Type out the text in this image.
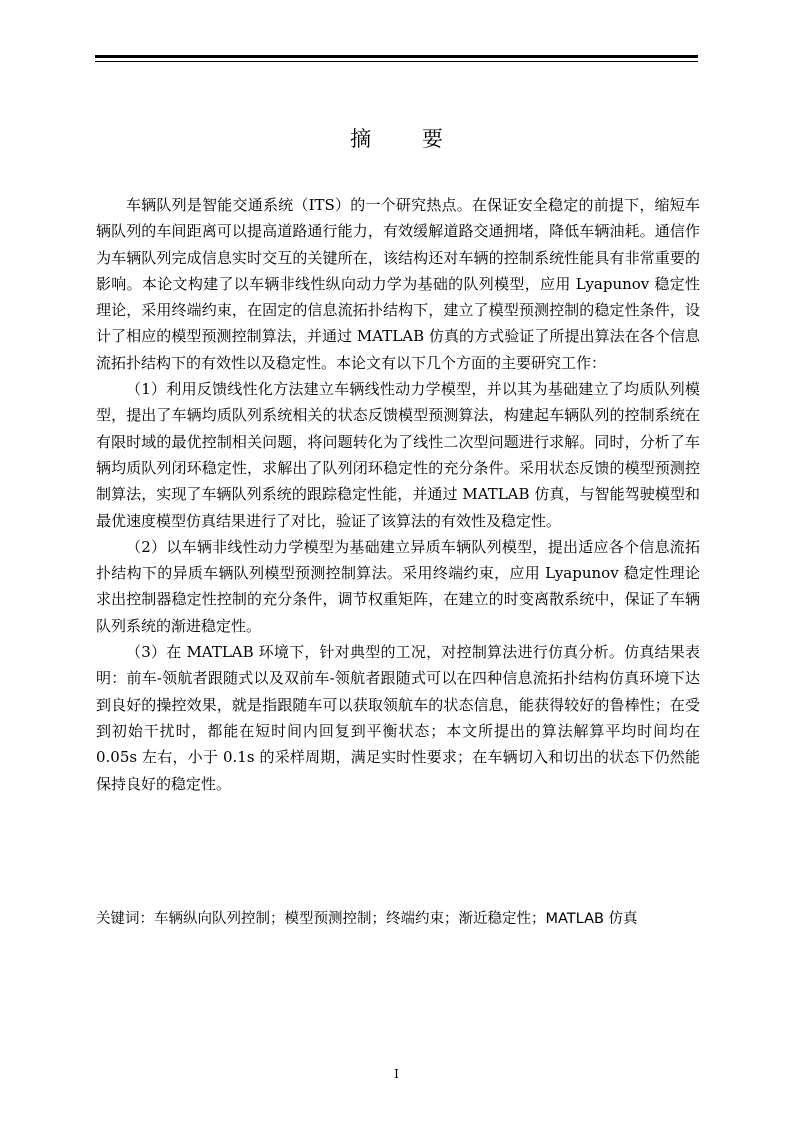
摘 要

车辆队列是智能交通系统（ITS）的一个研究热点。在保证安全稳定的前提下，缩短车辆队列的车间距离可以提高道路通行能力，有效缓解道路交通拥堵，降低车辆油耗。通信作为车辆队列完成信息实时交互的关键所在，该结构还对车辆的控制系统性能具有非常重要的影响。本论文构建了以车辆非线性纵向动力学为基础的队列模型，应用 Lyapunov 稳定性理论，采用终端约束，在固定的信息流拓扑结构下，建立了模型预测控制的稳定性条件，设计了相应的模型预测控制算法，并通过 MATLAB 仿真的方式验证了所提出算法在各个信息流拓扑结构下的有效性以及稳定性。本论文有以下几个方面的主要研究工作：

（1）利用反馈线性化方法建立车辆线性动力学模型，并以其为基础建立了均质队列模型，提出了车辆均质队列系统相关的状态反馈模型预测算法，构建起车辆队列的控制系统在有限时域的最优控制相关问题，将问题转化为了线性二次型问题进行求解。同时，分析了车辆均质队列闭环稳定性，求解出了队列闭环稳定性的充分条件。采用状态反馈的模型预测控制算法，实现了车辆队列系统的跟踪稳定性能，并通过 MATLAB 仿真，与智能驾驶模型和最优速度模型仿真结果进行了对比，验证了该算法的有效性及稳定性。

（2）以车辆非线性动力学模型为基础建立异质车辆队列模型，提出适应各个信息流拓扑结构下的异质车辆队列模型预测控制算法。采用终端约束，应用 Lyapunov 稳定性理论求出控制器稳定性控制的充分条件，调节权重矩阵，在建立的时变离散系统中，保证了车辆队列系统的渐进稳定性。

（3）在 MATLAB 环境下，针对典型的工况，对控制算法进行仿真分析。仿真结果表明：前车-领航者跟随式以及双前车-领航者跟随式可以在四种信息流拓扑结构仿真环境下达到良好的操控效果，就是指跟随车可以获取领航车的状态信息，能获得较好的鲁棒性；在受到初始干扰时，都能在短时间内回复到平衡状态；本文所提出的算法解算平均时间均在 0.05s 左右，小于 0.1s 的采样周期，满足实时性要求；在车辆切入和切出的状态下仍然能保持良好的稳定性。

关键词：车辆纵向队列控制；模型预测控制；终端约束；渐近稳定性；MATLAB 仿真
I
